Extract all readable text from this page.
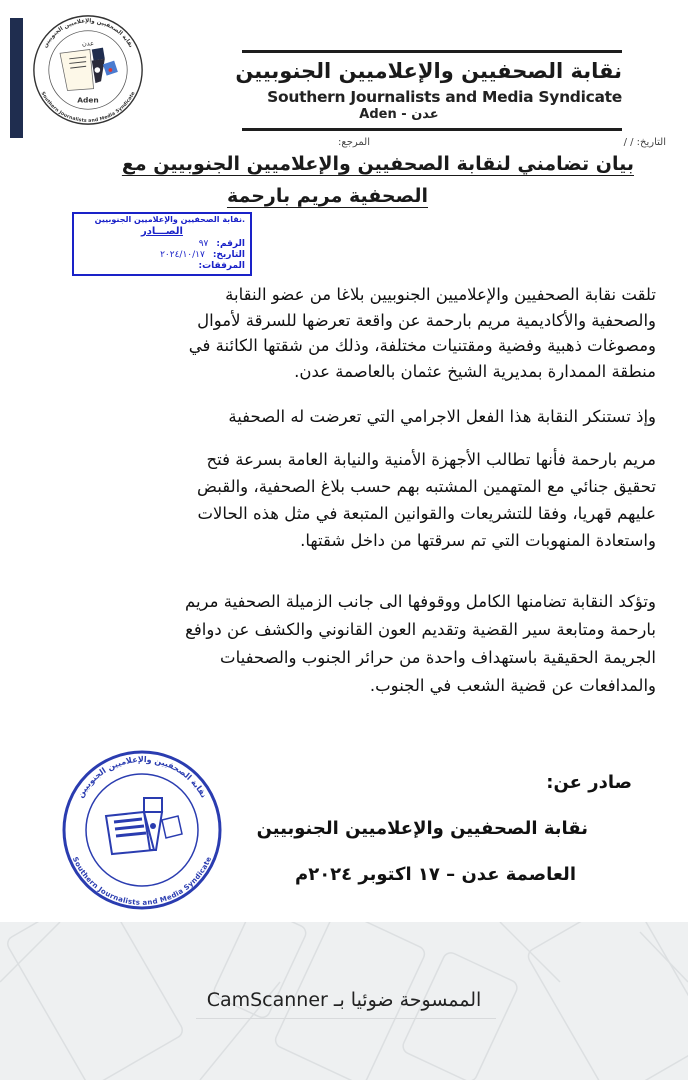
نقابة الصحفيين والإعلاميين الجنوبيين
Southern Journalists and Media Syndicate
عدن
Aden
نقابة الصحفيين والإعلاميين الجنوبيين
Southern Journalists and Media Syndicate
Aden - عدن
التاريخ: / /
المرجع:
بيان تضامني لنقابة الصحفيين والإعلاميين الجنوبيين مع
الصحفية مريم بارحمة
.نقابة الصحفيين والإعلاميين الجنوبيين
الصـــادر
الرقم:
٩٧
التاريخ:
٢٠٢٤/١٠/١٧
المرفقات:
تلقت نقابة الصحفيين والإعلاميين الجنوبيين بلاغا من عضو النقابة
والصحفية والأكاديمية مريم بارحمة عن واقعة تعرضها للسرقة لأموال
ومصوغات ذهبية وفضية ومقتنيات مختلفة، وذلك من شقتها الكائنة في
منطقة الممدارة بمديرية الشيخ عثمان بالعاصمة عدن.
وإذ تستنكر النقابة هذا الفعل الاجرامي التي تعرضت له الصحفية
مريم بارحمة فأنها تطالب الأجهزة الأمنية والنيابة العامة بسرعة فتح
تحقيق جنائي مع المتهمين المشتبه بهم حسب بلاغ الصحفية، والقبض
عليهم قهريا، وفقا للتشريعات والقوانين المتبعة في مثل هذه الحالات
واستعادة المنهوبات التي تم سرقتها من داخل شقتها.
وتؤكد النقابة تضامنها الكامل ووقوفها الى جانب الزميلة الصحفية مريم
بارحمة ومتابعة سير القضية وتقديم العون القانوني والكشف عن دوافع
الجريمة الحقيقية باستهداف واحدة من حرائر الجنوب والصحفيات
والمدافعات عن قضية الشعب في الجنوب.
صادر عن:
نقابة الصحفيين والإعلاميين الجنوبيين
العاصمة عدن – ١٧ اكتوبر ٢٠٢٤م
نقابة الصحفيين والإعلاميين الجنوبيين
Southern Journalists and Media Syndicate
الممسوحة ضوئيا بـ CamScanner
